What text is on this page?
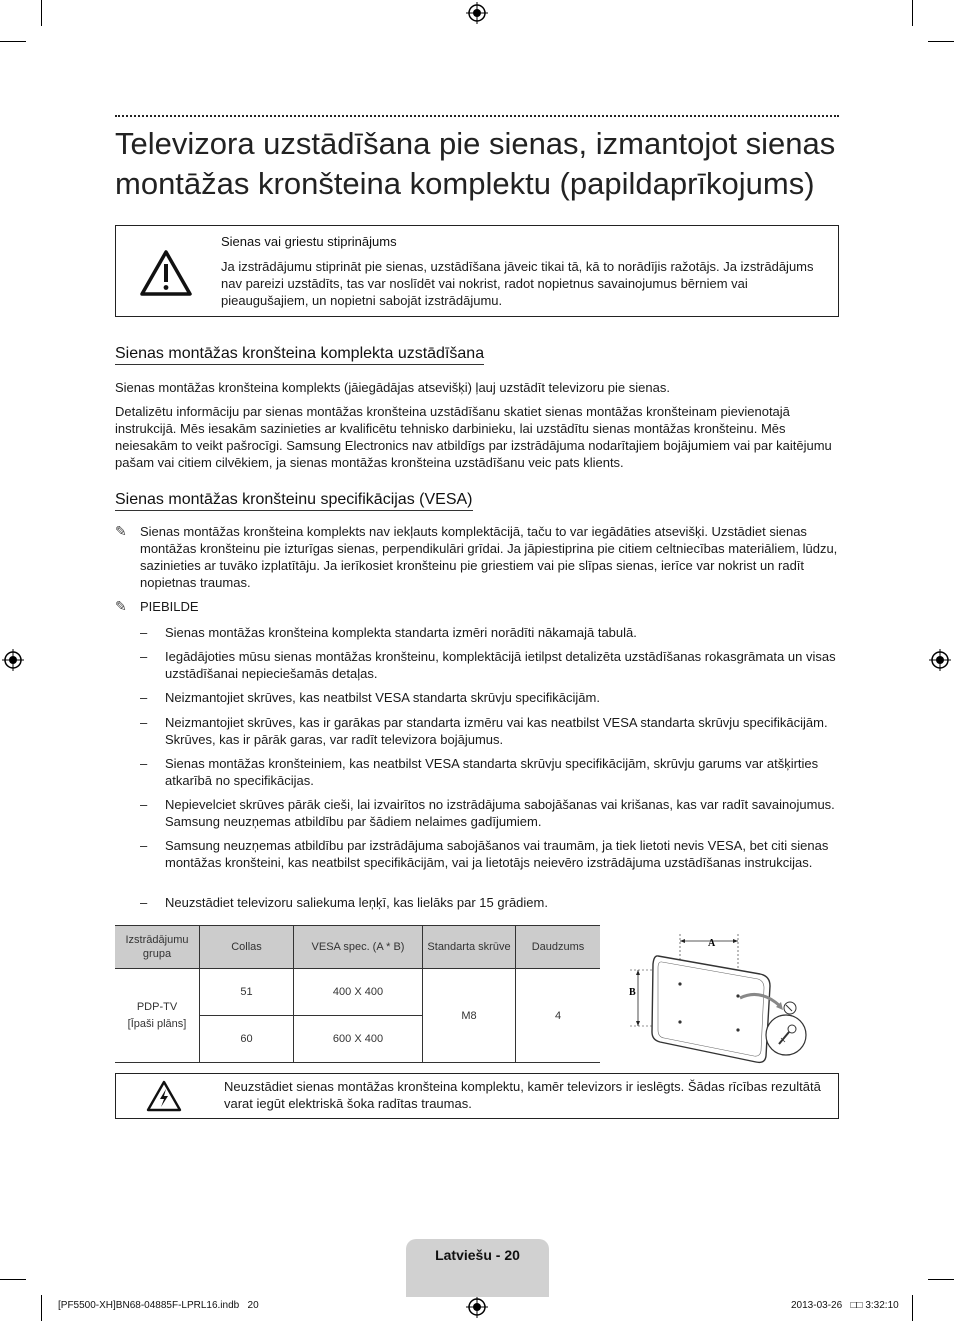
Televizora uzstādīšana pie sienas, izmantojot sienas
montāžas kronšteina komplektu (papildaprīkojums)
Sienas vai griestu stiprinājums
Ja izstrādājumu stiprināt pie sienas, uzstādīšana jāveic tikai tā, kā to norādījis ražotājs. Ja izstrādājums nav pareizi uzstādīts, tas var noslīdēt vai nokrist, radot nopietnus savainojumus bērniem vai pieaugušajiem, un nopietni sabojāt izstrādājumu.
Sienas montāžas kronšteina komplekta uzstādīšana
Sienas montāžas kronšteina komplekts (jāiegādājas atsevišķi) ļauj uzstādīt televizoru pie sienas.
Detalizētu informāciju par sienas montāžas kronšteina uzstādīšanu skatiet sienas montāžas kronšteinam pievienotajā instrukcijā. Mēs iesakām sazinieties ar kvalificētu tehnisko darbinieku, lai uzstādītu sienas montāžas kronšteinu. Mēs neiesakām to veikt pašrocīgi. Samsung Electronics nav atbildīgs par izstrādājuma nodarītajiem bojājumiem vai par kaitējumu pašam vai citiem cilvēkiem, ja sienas montāžas kronšteina uzstādīšanu veic pats klients.
Sienas montāžas kronšteinu specifikācijas (VESA)
✎ Sienas montāžas kronšteina komplekts nav iekļauts komplektācijā, taču to var iegādāties atsevišķi. Uzstādiet sienas montāžas kronšteinu pie izturīgas sienas, perpendikulāri grīdai. Ja jāpiestiprina pie citiem celtniecības materiāliem, lūdzu, sazinieties ar tuvāko izplatītāju. Ja ierīkosiet kronšteinu pie griestiem vai pie slīpas sienas, ierīce var nokrist un radīt nopietnas traumas.
✎ PIEBILDE
– Sienas montāžas kronšteina komplekta standarta izmēri norādīti nākamajā tabulā.
– Iegādājoties mūsu sienas montāžas kronšteinu, komplektācijā ietilpst detalizēta uzstādīšanas rokasgrāmata un visas uzstādīšanai nepieciešamās detaļas.
– Neizmantojiet skrūves, kas neatbilst VESA standarta skrūvju specifikācijām.
– Neizmantojiet skrūves, kas ir garākas par standarta izmēru vai kas neatbilst VESA standarta skrūvju specifikācijām. Skrūves, kas ir pārāk garas, var radīt televizora bojājumus.
– Sienas montāžas kronšteiniem, kas neatbilst VESA standarta skrūvju specifikācijām, skrūvju garums var atšķirties atkarībā no specifikācijas.
– Nepievelciet skrūves pārāk cieši, lai izvairītos no izstrādājuma sabojāšanas vai krišanas, kas var radīt savainojumus. Samsung neuzņemas atbildību par šādiem nelaimes gadījumiem.
– Samsung neuzņemas atbildību par izstrādājuma sabojāšanos vai traumām, ja tiek lietoti nevis VESA, bet citi sienas montāžas kronšteini, kas neatbilst specifikācijām, vai ja lietotājs neievēro izstrādājuma uzstādīšanas instrukcijas.
– Neuzstādiet televizoru saliekuma leņķī, kas lielāks par 15 grādiem.
Izstrādājumu grupa	Collas	VESA spec. (A * B)	Standarta skrūve	Daudzums
PDP-TV
[Īpaši plāns]	51	400 X 400	M8	4
	60	600 X 400		
A
B
Neuzstādiet sienas montāžas kronšteina komplektu, kamēr televizors ir ieslēgts. Šādas rīcības rezultātā varat iegūt elektriskā šoka radītas traumas.
Latviešu - 20
[PF5500-XH]BN68-04885F-LPRL16.indb   20	2013-03-26   □□ 3:32:10
